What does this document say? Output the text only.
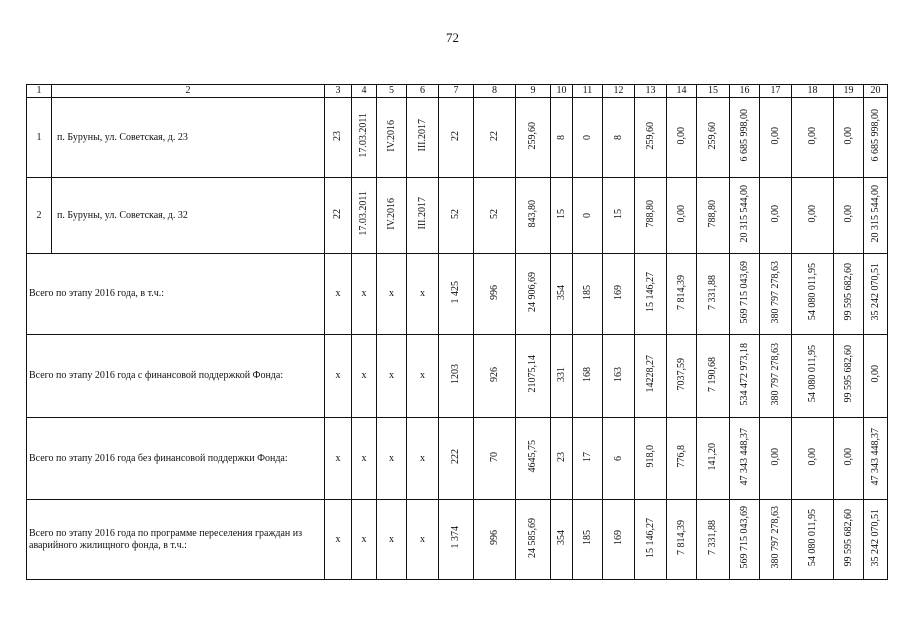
72
1	2	3	4	5	6	7	8	9	10	11	12	13	14	15	16	17	18	19	20
1	п. Буруны, ул. Советская, д. 23	23	17.03.2011	IV.2016	III.2017	22	22	259,60	8	0	8	259,60	0,00	259,60	6 685 998,00	0,00	0,00	0,00	6 685 998,00
2	п. Буруны, ул. Советская, д. 32	22	17.03.2011	IV.2016	III.2017	52	52	843,80	15	0	15	788,80	0,00	788,80	20 315 544,00	0,00	0,00	0,00	20 315 544,00
Всего по этапу 2016 года, в т.ч.:		x	x	x	x	1 425	996	24 906,69	354	185	169	15 146,27	7 814,39	7 331,88	569 715 043,69	380 797 278,63	54 080 011,95	99 595 682,60	35 242 070,51
Всего по этапу 2016 года с финансовой поддержкой Фонда:		x	x	x	x	1203	926	21075,14	331	168	163	14228,27	7037,59	7 190,68	534 472 973,18	380 797 278,63	54 080 011,95	99 595 682,60	0,00
Всего по этапу 2016 года без финансовой поддержки Фонда:		x	x	x	x	222	70	4645,75	23	17	6	918,0	776,8	141,20	47 343 448,37	0,00	0,00	0,00	47 343 448,37
Всего по этапу 2016 года по программе переселения граждан из аварийного жилищного фонда, в т.ч.:		x	x	x	x	1 374	996	24 585,69	354	185	169	15 146,27	7 814,39	7 331,88	569 715 043,69	380 797 278,63	54 080 011,95	99 595 682,60	35 242 070,51
